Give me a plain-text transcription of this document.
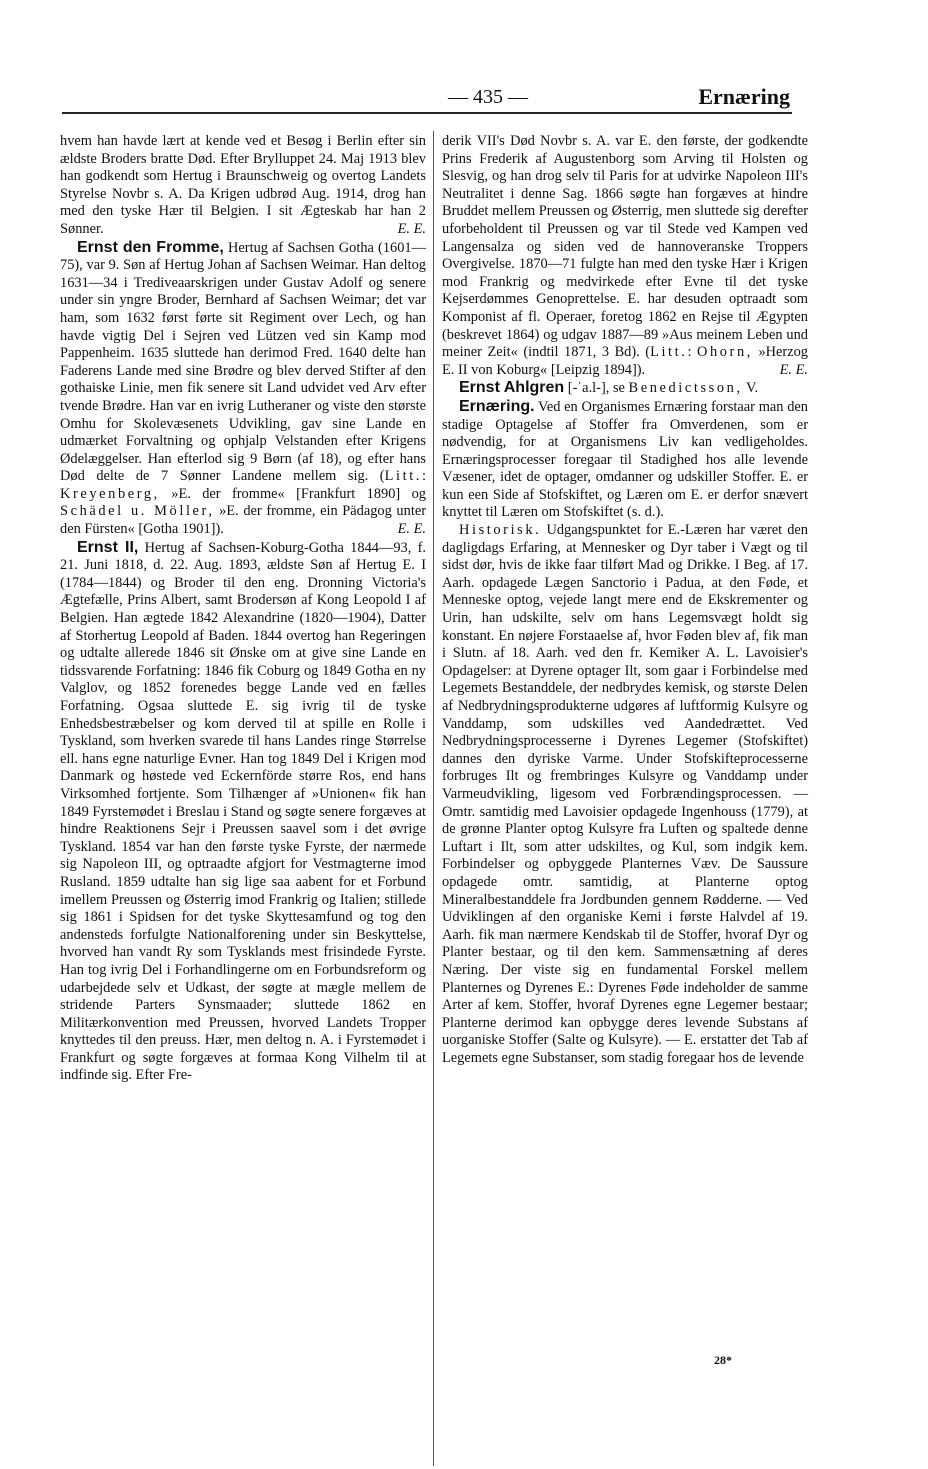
— 435 —	Ernæring

hvem han havde lært at kende ved et Besøg i Berlin efter sin ældste Broders bratte Død. Efter Brylluppet 24. Maj 1913 blev han godkendt som Hertug i Braunschweig og overtog Landets Styrelse Novbr s. A. Da Krigen udbrød Aug. 1914, drog han med den tyske Hær til Belgien. I sit Ægteskab har han 2 Sønner.	E. E.

Ernst den Fromme, Hertug af Sachsen Gotha (1601—75), var 9. Søn af Hertug Johan af Sachsen Weimar. Han deltog 1631—34 i Trediveaarskrigen under Gustav Adolf og senere under sin yngre Broder, Bernhard af Sachsen Weimar; det var ham, som 1632 først førte sit Regiment over Lech, og han havde vigtig Del i Sejren ved Lützen ved sin Kamp mod Pappenheim. 1635 sluttede han derimod Fred. 1640 delte han Faderens Lande med sine Brødre og blev derved Stifter af den gothaiske Linie, men fik senere sit Land udvidet ved Arv efter tvende Brødre. Han var en ivrig Lutheraner og viste den største Omhu for Skolevæsenets Udvikling, gav sine Lande en udmærket Forvaltning og ophjalp Velstanden efter Krigens Ødelæggelser. Han efterlod sig 9 Børn (af 18), og efter hans Død delte de 7 Sønner Landene mellem sig. (Litt.: Kreyenberg, »E. der fromme« [Frankfurt 1890] og Schädel u. Möller, »E. der fromme, ein Pädagog unter den Fürsten« [Gotha 1901]).	E. E.

Ernst II, Hertug af Sachsen-Koburg-Gotha 1844—93, f. 21. Juni 1818, d. 22. Aug. 1893, ældste Søn af Hertug E. I (1784—1844) og Broder til den eng. Dronning Victoria's Ægtefælle, Prins Albert, samt Brodersøn af Kong Leopold I af Belgien. Han ægtede 1842 Alexandrine (1820—1904), Datter af Storhertug Leopold af Baden. 1844 overtog han Regeringen og udtalte allerede 1846 sit Ønske om at give sine Lande en tidssvarende Forfatning: 1846 fik Coburg og 1849 Gotha en ny Valglov, og 1852 forenedes begge Lande ved en fælles Forfatning. Ogsaa sluttede E. sig ivrig til de tyske Enhedsbestræbelser og kom derved til at spille en Rolle i Tyskland, som hverken svarede til hans Landes ringe Størrelse ell. hans egne naturlige Evner. Han tog 1849 Del i Krigen mod Danmark og høstede ved Eckernförde større Ros, end hans Virksomhed fortjente. Som Tilhænger af »Unionen« fik han 1849 Fyrstemødet i Breslau i Stand og søgte senere forgæves at hindre Reaktionens Sejr i Preussen saavel som i det øvrige Tyskland. 1854 var han den første tyske Fyrste, der nærmede sig Napoleon III, og optraadte afgjort for Vestmagterne imod Rusland. 1859 udtalte han sig lige saa aabent for et Forbund imellem Preussen og Østerrig imod Frankrig og Italien; stillede sig 1861 i Spidsen for det tyske Skyttesamfund og tog den andensteds forfulgte Nationalforening under sin Beskyttelse, hvorved han vandt Ry som Tysklands mest frisindede Fyrste. Han tog ivrig Del i Forhandlingerne om en Forbundsreform og udarbejdede selv et Udkast, der søgte at mægle mellem de stridende Parters Synsmaader; sluttede 1862 en Militærkonvention med Preussen, hvorved Landets Tropper knyttedes til den preuss. Hær, men deltog n. A. i Fyrstemødet i Frankfurt og søgte forgæves at formaa Kong Vilhelm til at indfinde sig. Efter Fre-

derik VII's Død Novbr s. A. var E. den første, der godkendte Prins Frederik af Augustenborg som Arving til Holsten og Slesvig, og han drog selv til Paris for at udvirke Napoleon III's Neutralitet i denne Sag. 1866 søgte han forgæves at hindre Bruddet mellem Preussen og Østerrig, men sluttede sig derefter uforbeholdent til Preussen og var til Stede ved Kampen ved Langensalza og siden ved de hannoveranske Troppers Overgivelse. 1870—71 fulgte han med den tyske Hær i Krigen mod Frankrig og medvirkede efter Evne til det tyske Kejserdømmes Genoprettelse. E. har desuden optraadt som Komponist af fl. Operaer, foretog 1862 en Rejse til Ægypten (beskrevet 1864) og udgav 1887—89 »Aus meinem Leben und meiner Zeit« (indtil 1871, 3 Bd). (Litt.: Ohorn, »Herzog E. II von Koburg« [Leipzig 1894]).	E. E.

Ernst Ahlgren [-ˈa.l-], se Benedictsson, V.

Ernæring. Ved en Organismes Ernæring forstaar man den stadige Optagelse af Stoffer fra Omverdenen, som er nødvendig, for at Organismens Liv kan vedligeholdes. Ernæringsprocesser foregaar til Stadighed hos alle levende Væsener, idet de optager, omdanner og udskiller Stoffer. E. er kun een Side af Stofskiftet, og Læren om E. er derfor snævert knyttet til Læren om Stofskiftet (s. d.).

Historisk. Udgangspunktet for E.-Læren har været den dagligdags Erfaring, at Mennesker og Dyr taber i Vægt og til sidst dør, hvis de ikke faar tilført Mad og Drikke. I Beg. af 17. Aarh. opdagede Lægen Sanctorio i Padua, at den Føde, et Menneske optog, vejede langt mere end de Ekskrementer og Urin, han udskilte, selv om hans Legemsvægt holdt sig konstant. En nøjere Forstaaelse af, hvor Føden blev af, fik man i Slutn. af 18. Aarh. ved den fr. Kemiker A. L. Lavoisier's Opdagelser: at Dyrene optager Ilt, som gaar i Forbindelse med Legemets Bestanddele, der nedbrydes kemisk, og største Delen af Nedbrydningsprodukterne udgøres af luftformig Kulsyre og Vanddamp, som udskilles ved Aandedrættet. Ved Nedbrydningsprocesserne i Dyrenes Legemer (Stofskiftet) dannes den dyriske Varme. Under Stofskifteprocesserne forbruges Ilt og frembringes Kulsyre og Vanddamp under Varmeudvikling, ligesom ved Forbrændingsprocessen. — Omtr. samtidig med Lavoisier opdagede Ingenhouss (1779), at de grønne Planter optog Kulsyre fra Luften og spaltede denne Luftart i Ilt, som atter udskiltes, og Kul, som indgik kem. Forbindelser og opbyggede Planternes Væv. De Saussure opdagede omtr. samtidig, at Planterne optog Mineralbestanddele fra Jordbunden gennem Rødderne. — Ved Udviklingen af den organiske Kemi i første Halvdel af 19. Aarh. fik man nærmere Kendskab til de Stoffer, hvoraf Dyr og Planter bestaar, og til den kem. Sammensætning af deres Næring. Der viste sig en fundamental Forskel mellem Planternes og Dyrenes E.: Dyrenes Føde indeholder de samme Arter af kem. Stoffer, hvoraf Dyrenes egne Legemer bestaar; Planterne derimod kan opbygge deres levende Substans af uorganiske Stoffer (Salte og Kulsyre). — E. erstatter det Tab af Legemets egne Substanser, som stadig foregaar hos de levende

28*
